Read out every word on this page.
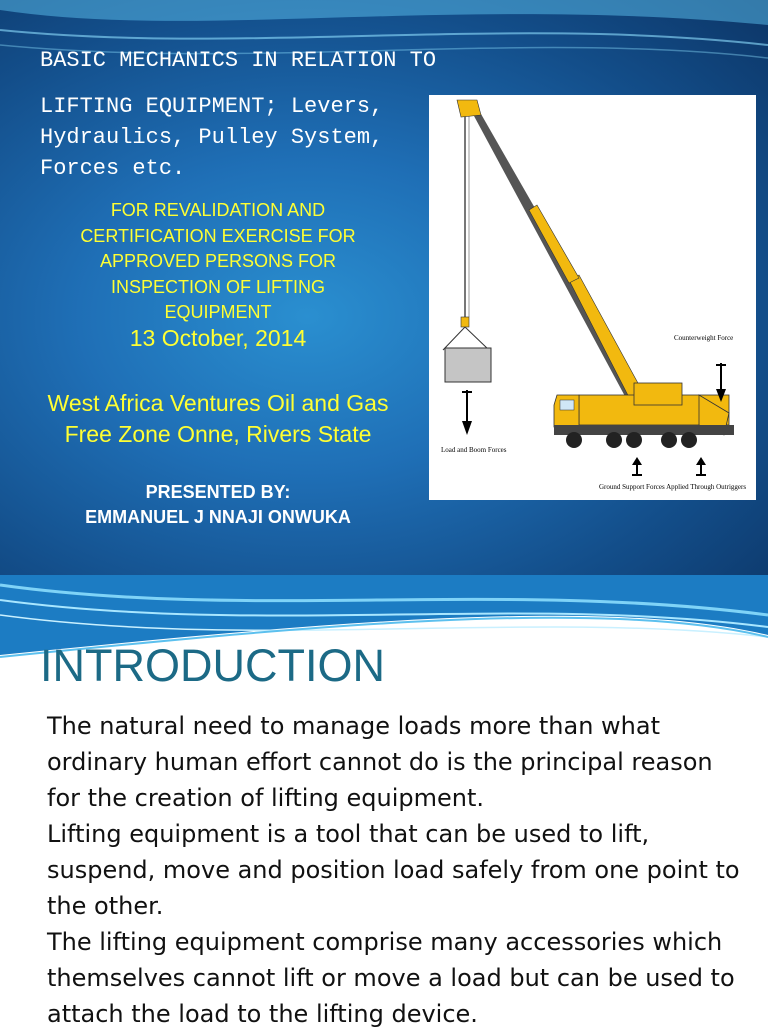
BASIC MECHANICS IN RELATION TO
LIFTING EQUIPMENT; Levers,
Hydraulics, Pulley System,
Forces etc.
FOR REVALIDATION AND
CERTIFICATION EXERCISE FOR
APPROVED PERSONS FOR
INSPECTION OF LIFTING
EQUIPMENT
13 October, 2014
West Africa Ventures Oil and Gas
Free Zone Onne, Rivers State
PRESENTED BY:
EMMANUEL J NNAJI ONWUKA
Load and Boom Forces
Counterweight Force
Ground Support Forces Applied Through Outriggers
INTRODUCTION

The natural need to manage loads more than what ordinary human effort cannot do is the principal reason for the creation of lifting equipment.

Lifting equipment is a tool that can be used to lift, suspend, move and position load safely from one point to the other.

The lifting equipment comprise many accessories which themselves cannot lift or move a load but can be used to attach the load to the lifting device.
